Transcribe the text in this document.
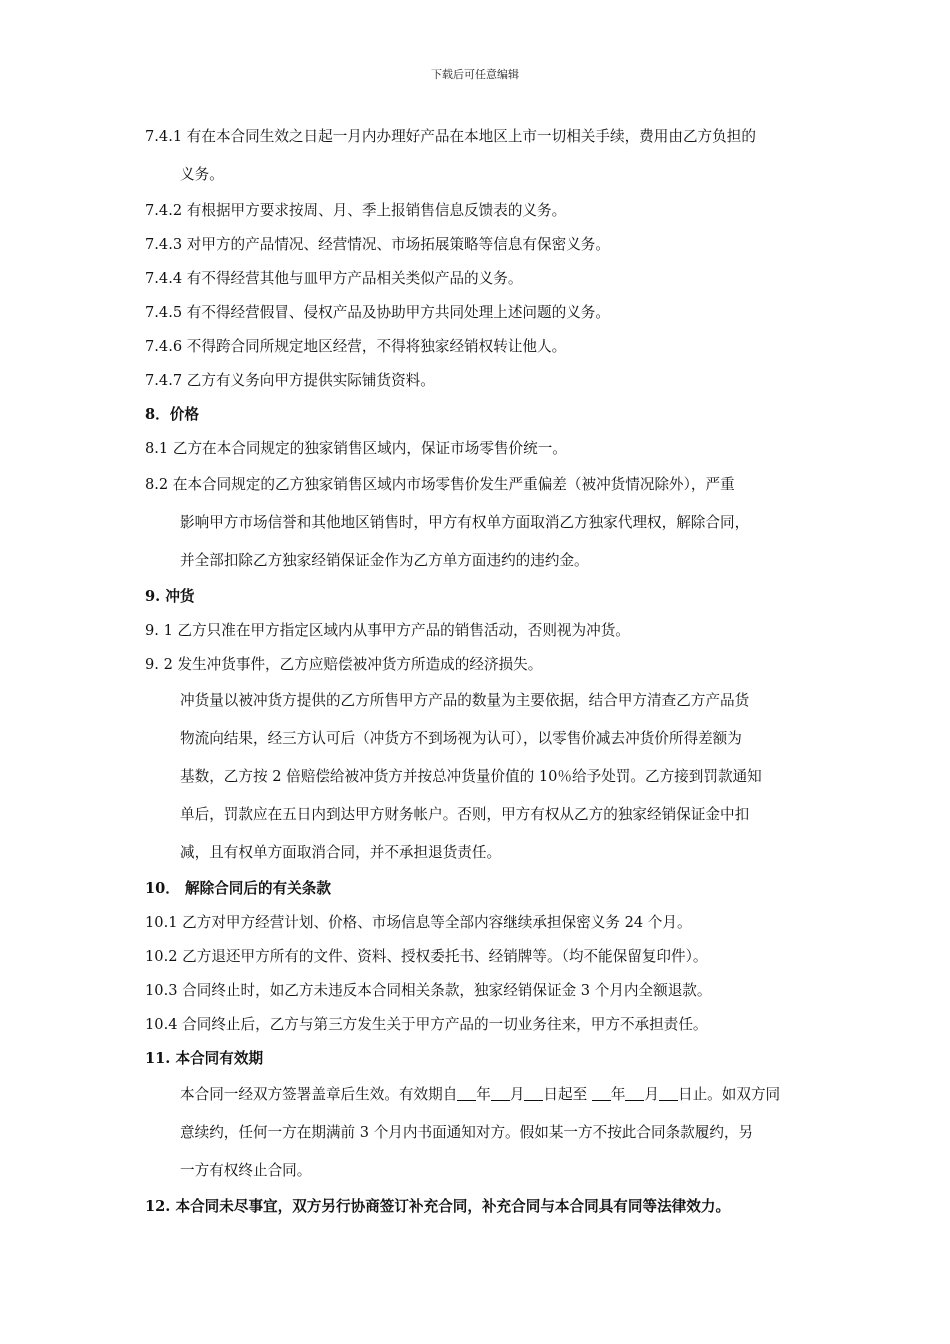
下载后可任意编辑
7.4.1 有在本合同生效之日起一月内办理好产品在本地区上市一切相关手续，费用由乙方负担的
义务。
7.4.2 有根据甲方要求按周、月、季上报销售信息反馈表的义务。
7.4.3 对甲方的产品情况、经营情况、市场拓展策略等信息有保密义务。
7.4.4 有不得经营其他与皿甲方产品相关类似产品的义务。
7.4.5 有不得经营假冒、侵权产品及协助甲方共同处理上述问题的义务。
7.4.6 不得跨合同所规定地区经营，不得将独家经销权转让他人。
7.4.7 乙方有义务向甲方提供实际铺货资料。
8．价格
8.1 乙方在本合同规定的独家销售区域内，保证市场零售价统一。
8.2 在本合同规定的乙方独家销售区域内市场零售价发生严重偏差（被冲货情况除外），严重
影响甲方市场信誉和其他地区销售时，甲方有权单方面取消乙方独家代理权，解除合同，
并全部扣除乙方独家经销保证金作为乙方单方面违约的违约金。
9. 冲货
9. 1 乙方只准在甲方指定区域内从事甲方产品的销售活动，否则视为冲货。
9. 2 发生冲货事件，乙方应赔偿被冲货方所造成的经济损失。
冲货量以被冲货方提供的乙方所售甲方产品的数量为主要依据，结合甲方清查乙方产品货
物流向结果，经三方认可后（冲货方不到场视为认可），以零售价减去冲货价所得差额为
基数，乙方按 2 倍赔偿给被冲货方并按总冲货量价值的 10％给予处罚。乙方接到罚款通知
单后，罚款应在五日内到达甲方财务帐户。否则，甲方有权从乙方的独家经销保证金中扣
减，且有权单方面取消合同，并不承担退货责任。
10． 解除合同后的有关条款
10.1 乙方对甲方经营计划、价格、市场信息等全部内容继续承担保密义务 24 个月。
10.2 乙方退还甲方所有的文件、资料、授权委托书、经销牌等。（均不能保留复印件）。
10.3 合同终止时，如乙方未违反本合同相关条款，独家经销保证金 3 个月内全额退款。
10.4 合同终止后，乙方与第三方发生关于甲方产品的一切业务往来，甲方不承担责任。
11. 本合同有效期
本合同一经双方签署盖章后生效。有效期自 年 月 日起至 年 月 日止。如双方同
意续约，任何一方在期满前 3 个月内书面通知对方。假如某一方不按此合同条款履约，另
一方有权终止合同。
12. 本合同未尽事宜，双方另行协商签订补充合同，补充合同与本合同具有同等法律效力。
